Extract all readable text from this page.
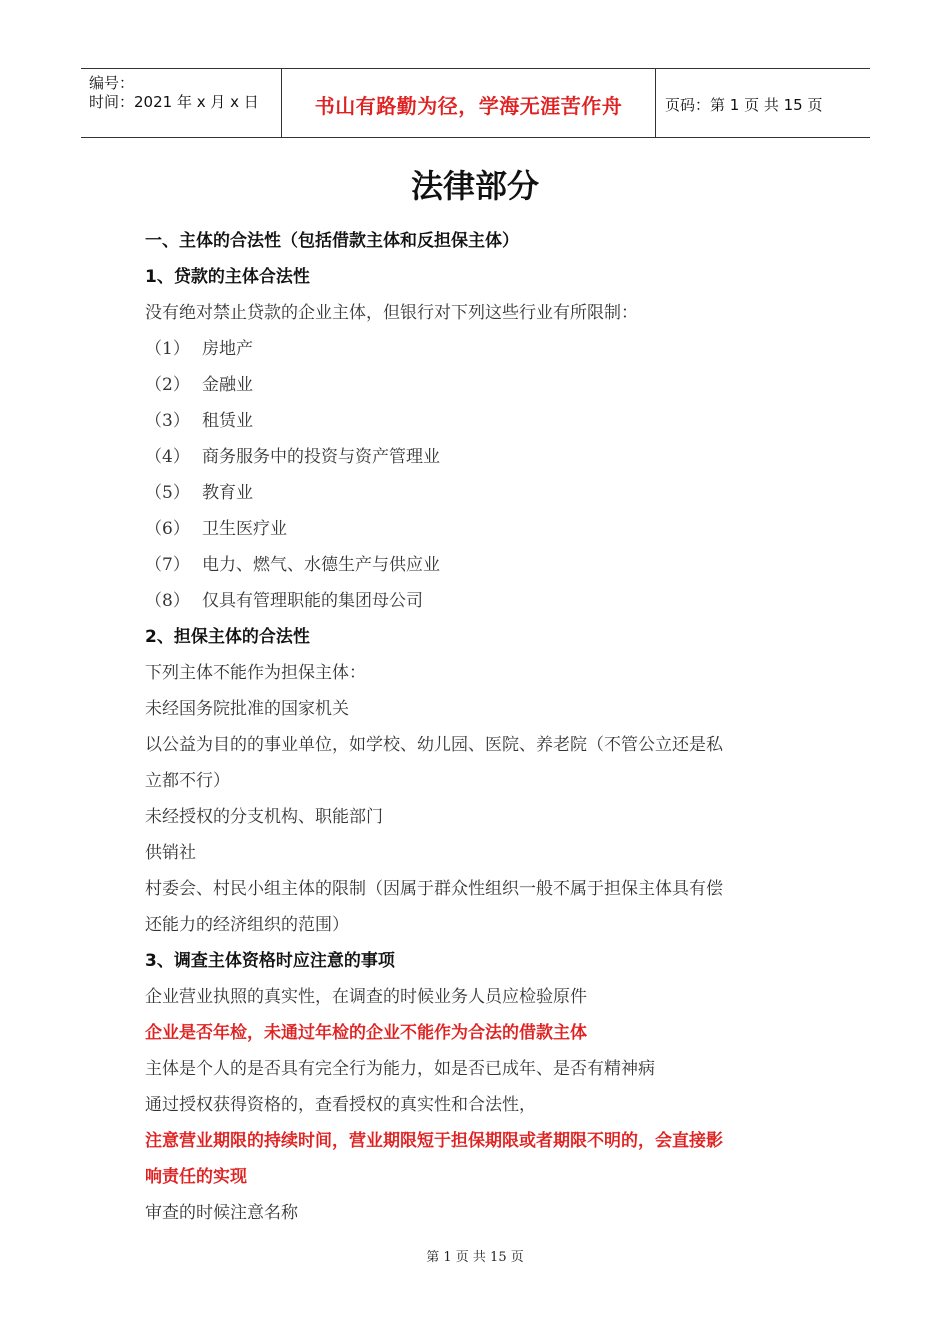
编号：
时间：2021 年 x 月 x 日	书山有路勤为径，学海无涯苦作舟	页码：第 1 页 共 15 页
法律部分
一、主体的合法性（包括借款主体和反担保主体）
1、贷款的主体合法性
没有绝对禁止贷款的企业主体，但银行对下列这些行业有所限制：
（1） 房地产
（2） 金融业
（3） 租赁业
（4） 商务服务中的投资与资产管理业
（5） 教育业
（6） 卫生医疗业
（7） 电力、燃气、水德生产与供应业
（8） 仅具有管理职能的集团母公司
2、担保主体的合法性
下列主体不能作为担保主体：
未经国务院批准的国家机关
以公益为目的的事业单位，如学校、幼儿园、医院、养老院（不管公立还是私
立都不行）
未经授权的分支机构、职能部门
供销社
村委会、村民小组主体的限制（因属于群众性组织一般不属于担保主体具有偿
还能力的经济组织的范围）
3、调查主体资格时应注意的事项
企业营业执照的真实性，在调查的时候业务人员应检验原件
企业是否年检，未通过年检的企业不能作为合法的借款主体
主体是个人的是否具有完全行为能力，如是否已成年、是否有精神病
通过授权获得资格的，查看授权的真实性和合法性，
注意营业期限的持续时间，营业期限短于担保期限或者期限不明的，会直接影
响责任的实现
审查的时候注意名称
第 1 页 共 15 页
